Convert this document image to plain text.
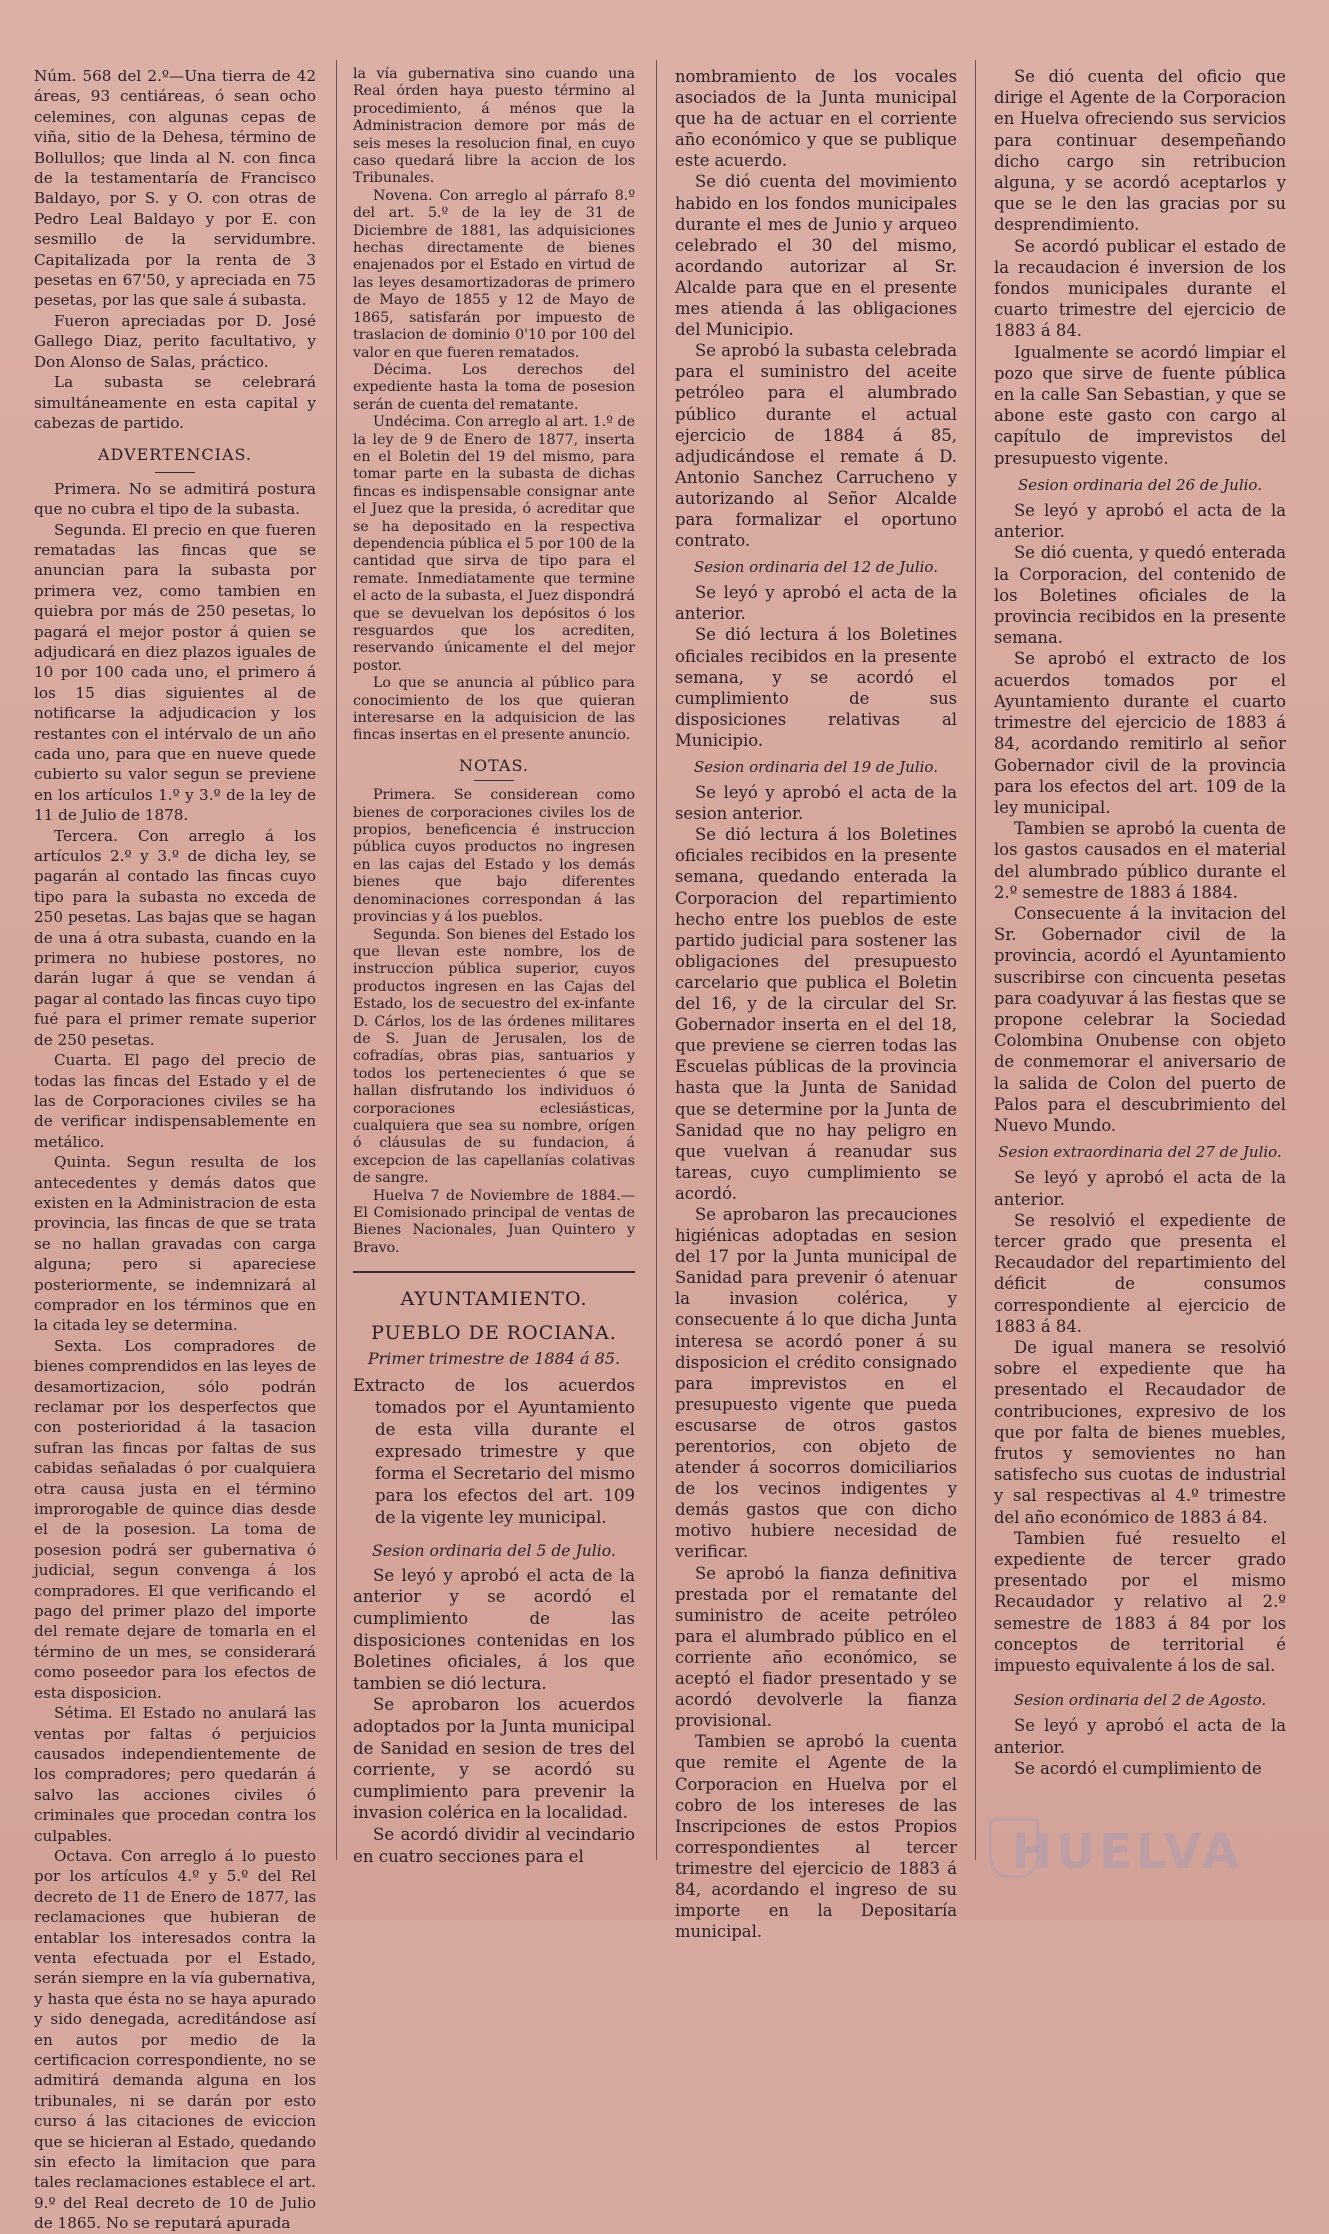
Núm. 568 del 2.º—Una tierra de 42 áreas, 93 centiáreas, ó sean ocho celemines, con algunas cepas de viña, sitio de la Dehesa, término de Bollullos; que linda al N. con finca de la testamentaría de Francisco Baldayo, por S. y O. con otras de Pedro Leal Baldayo y por E. con sesmillo de la servidumbre. Capitalizada por la renta de 3 pesetas en 67'50, y apreciada en 75 pesetas, por las que sale á subasta.

Fueron apreciadas por D. José Gallego Diaz, perito facultativo, y Don Alonso de Salas, práctico.

La subasta se celebrará simultáneamente en esta capital y cabezas de partido.

ADVERTENCIAS.

Primera. No se admitirá postura que no cubra el tipo de la subasta.

Segunda. El precio en que fueren rematadas las fincas que se anuncian para la subasta por primera vez, como tambien en quiebra por más de 250 pesetas, lo pagará el mejor postor á quien se adjudicará en diez plazos iguales de 10 por 100 cada uno, el primero á los 15 dias siguientes al de notificarse la adjudicacion y los restantes con el intérvalo de un año cada uno, para que en nueve quede cubierto su valor segun se previene en los artículos 1.º y 3.º de la ley de 11 de Julio de 1878.

Tercera. Con arreglo á los artículos 2.º y 3.º de dicha ley, se pagarán al contado las fincas cuyo tipo para la subasta no exceda de 250 pesetas. Las bajas que se hagan de una á otra subasta, cuando en la primera no hubiese postores, no darán lugar á que se vendan á pagar al contado las fincas cuyo tipo fué para el primer remate superior de 250 pesetas.

Cuarta. El pago del precio de todas las fincas del Estado y el de las de Corporaciones civiles se ha de verificar indispensablemente en metálico.

Quinta. Segun resulta de los antecedentes y demás datos que existen en la Administracion de esta provincia, las fincas de que se trata se no hallan gravadas con carga alguna; pero si apareciese posteriormente, se indemnizará al comprador en los términos que en la citada ley se determina.

Sexta. Los compradores de bienes comprendidos en las leyes de desamortizacion, sólo podrán reclamar por los desperfectos que con posterioridad á la tasacion sufran las fincas por faltas de sus cabidas señaladas ó por cualquiera otra causa justa en el término improrogable de quince dias desde el de la posesion. La toma de posesion podrá ser gubernativa ó judicial, segun convenga á los compradores. El que verificando el pago del primer plazo del importe del remate dejare de tomarla en el término de un mes, se considerará como poseedor para los efectos de esta disposicion.

Sétima. El Estado no anulará las ventas por faltas ó perjuicios causados independientemente de los compradores; pero quedarán á salvo las acciones civiles ó criminales que procedan contra los culpables.

Octava. Con arreglo á lo puesto por los artículos 4.º y 5.º del Rel decreto de 11 de Enero de 1877, las reclamaciones que hubieran de entablar los interesados contra la venta efectuada por el Estado, serán siempre en la vía gubernativa, y hasta que ésta no se haya apurado y sido denegada, acreditándose así en autos por medio de la certificacion correspondiente, no se admitirá demanda alguna en los tribunales, ni se darán por esto curso á las citaciones de eviccion que se hicieran al Estado, quedando sin efecto la limitacion que para tales reclamaciones establece el art. 9.º del Real decreto de 10 de Julio de 1865. No se reputará apurada

la vía gubernativa sino cuando una Real órden haya puesto término al procedimiento, á ménos que la Administracion demore por más de seis meses la resolucion final, en cuyo caso quedará libre la accion de los Tribunales.

Novena. Con arreglo al párrafo 8.º del art. 5.º de la ley de 31 de Diciembre de 1881, las adquisiciones hechas directamente de bienes enajenados por el Estado en virtud de las leyes desamortizadoras de primero de Mayo de 1855 y 12 de Mayo de 1865, satisfarán por impuesto de traslacion de dominio 0'10 por 100 del valor en que fueren rematados.

Décima. Los derechos del expediente hasta la toma de posesion serán de cuenta del rematante.

Undécima. Con arreglo al art. 1.º de la ley de 9 de Enero de 1877, inserta en el Boletin del 19 del mismo, para tomar parte en la subasta de dichas fincas es indispensable consignar ante el Juez que la presida, ó acreditar que se ha depositado en la respectiva dependencia pública el 5 por 100 de la cantidad que sirva de tipo para el remate. Inmediatamente que termine el acto de la subasta, el Juez dispondrá que se devuelvan los depósitos ó los resguardos que los acrediten, reservando únicamente el del mejor postor.

Lo que se anuncia al público para conocimiento de los que quieran interesarse en la adquisicion de las fincas insertas en el presente anuncio.

NOTAS.

Primera. Se considerean como bienes de corporaciones civiles los de propios, beneficencia é instruccion pública cuyos productos no ingresen en las cajas del Estado y los demás bienes que bajo diferentes denominaciones correspondan á las provincias y á los pueblos.

Segunda. Son bienes del Estado los que llevan este nombre, los de instruccion pública superior, cuyos productos ingresen en las Cajas del Estado, los de secuestro del ex-infante D. Cárlos, los de las órdenes militares de S. Juan de Jerusalen, los de cofradías, obras pias, santuarios y todos los pertenecientes ó que se hallan disfrutando los individuos ó corporaciones eclesiásticas, cualquiera que sea su nombre, orígen ó cláusulas de su fundacion, á excepcion de las capellanías colativas de sangre.

Huelva 7 de Noviembre de 1884.—El Comisionado principal de ventas de Bienes Nacionales, Juan Quintero y Bravo.

AYUNTAMIENTO.

PUEBLO DE ROCIANA.

Primer trimestre de 1884 á 85.

Extracto de los acuerdos tomados por el Ayuntamiento de esta villa durante el expresado trimestre y que forma el Secretario del mismo para los efectos del art. 109 de la vigente ley municipal.

Sesion ordinaria del 5 de Julio.

Se leyó y aprobó el acta de la anterior y se acordó el cumplimiento de las disposiciones contenidas en los Boletines oficiales, á los que tambien se dió lectura.

Se aprobaron los acuerdos adoptados por la Junta municipal de Sanidad en sesion de tres del corriente, y se acordó su cumplimiento para prevenir la invasion colérica en la localidad.

Se acordó dividir al vecindario en cuatro secciones para el

nombramiento de los vocales asociados de la Junta municipal que ha de actuar en el corriente año económico y que se publique este acuerdo.

Se dió cuenta del movimiento habido en los fondos municipales durante el mes de Junio y arqueo celebrado el 30 del mismo, acordando autorizar al Sr. Alcalde para que en el presente mes atienda á las obligaciones del Municipio.

Se aprobó la subasta celebrada para el suministro del aceite petróleo para el alumbrado público durante el actual ejercicio de 1884 á 85, adjudicándose el remate á D. Antonio Sanchez Carrucheno y autorizando al Señor Alcalde para formalizar el oportuno contrato.

Sesion ordinaria del 12 de Julio.

Se leyó y aprobó el acta de la anterior.

Se dió lectura á los Boletines oficiales recibidos en la presente semana, y se acordó el cumplimiento de sus disposiciones relativas al Municipio.

Sesion ordinaria del 19 de Julio.

Se leyó y aprobó el acta de la sesion anterior.

Se dió lectura á los Boletines oficiales recibidos en la presente semana, quedando enterada la Corporacion del repartimiento hecho entre los pueblos de este partido judicial para sostener las obligaciones del presupuesto carcelario que publica el Boletin del 16, y de la circular del Sr. Gobernador inserta en el del 18, que previene se cierren todas las Escuelas públicas de la provincia hasta que la Junta de Sanidad que se determine por la Junta de Sanidad que no hay peligro en que vuelvan á reanudar sus tareas, cuyo cumplimiento se acordó.

Se aprobaron las precauciones higiénicas adoptadas en sesion del 17 por la Junta municipal de Sanidad para prevenir ó atenuar la invasion colérica, y consecuente á lo que dicha Junta interesa se acordó poner á su disposicion el crédito consignado para imprevistos en el presupuesto vigente que pueda escusarse de otros gastos perentorios, con objeto de atender á socorros domiciliarios de los vecinos indigentes y demás gastos que con dicho motivo hubiere necesidad de verificar.

Se aprobó la fianza definitiva prestada por el rematante del suministro de aceite petróleo para el alumbrado público en el corriente año económico, se aceptó el fiador presentado y se acordó devolverle la fianza provisional.

Tambien se aprobó la cuenta que remite el Agente de la Corporacion en Huelva por el cobro de los intereses de las Inscripciones de estos Propios correspondientes al tercer trimestre del ejercicio de 1883 á 84, acordando el ingreso de su importe en la Depositaría municipal.

Se dió cuenta del oficio que dirige el Agente de la Corporacion en Huelva ofreciendo sus servicios para continuar desempeñando dicho cargo sin retribucion alguna, y se acordó aceptarlos y que se le den las gracias por su desprendimiento.

Se acordó publicar el estado de la recaudacion é inversion de los fondos municipales durante el cuarto trimestre del ejercicio de 1883 á 84.

Igualmente se acordó limpiar el pozo que sirve de fuente pública en la calle San Sebastian, y que se abone este gasto con cargo al capítulo de imprevistos del presupuesto vigente.

Sesion ordinaria del 26 de Julio.

Se leyó y aprobó el acta de la anterior.

Se dió cuenta, y quedó enterada la Corporacion, del contenido de los Boletines oficiales de la provincia recibidos en la presente semana.

Se aprobó el extracto de los acuerdos tomados por el Ayuntamiento durante el cuarto trimestre del ejercicio de 1883 á 84, acordando remitirlo al señor Gobernador civil de la provincia para los efectos del art. 109 de la ley municipal.

Tambien se aprobó la cuenta de los gastos causados en el material del alumbrado público durante el 2.º semestre de 1883 á 1884.

Consecuente á la invitacion del Sr. Gobernador civil de la provincia, acordó el Ayuntamiento suscribirse con cincuenta pesetas para coadyuvar á las fiestas que se propone celebrar la Sociedad Colombina Onubense con objeto de conmemorar el aniversario de la salida de Colon del puerto de Palos para el descubrimiento del Nuevo Mundo.

Sesion extraordinaria del 27 de Julio.

Se leyó y aprobó el acta de la anterior.

Se resolvió el expediente de tercer grado que presenta el Recaudador del repartimiento del déficit de consumos correspondiente al ejercicio de 1883 á 84.

De igual manera se resolvió sobre el expediente que ha presentado el Recaudador de contribuciones, expresivo de los que por falta de bienes muebles, frutos y semovientes no han satisfecho sus cuotas de industrial y sal respectivas al 4.º trimestre del año económico de 1883 á 84.

Tambien fué resuelto el expediente de tercer grado presentado por el mismo Recaudador y relativo al 2.º semestre de 1883 á 84 por los conceptos de territorial é impuesto equivalente á los de sal.

Sesion ordinaria del 2 de Agosto.

Se leyó y aprobó el acta de la anterior.

Se acordó el cumplimiento de

HUELVA
